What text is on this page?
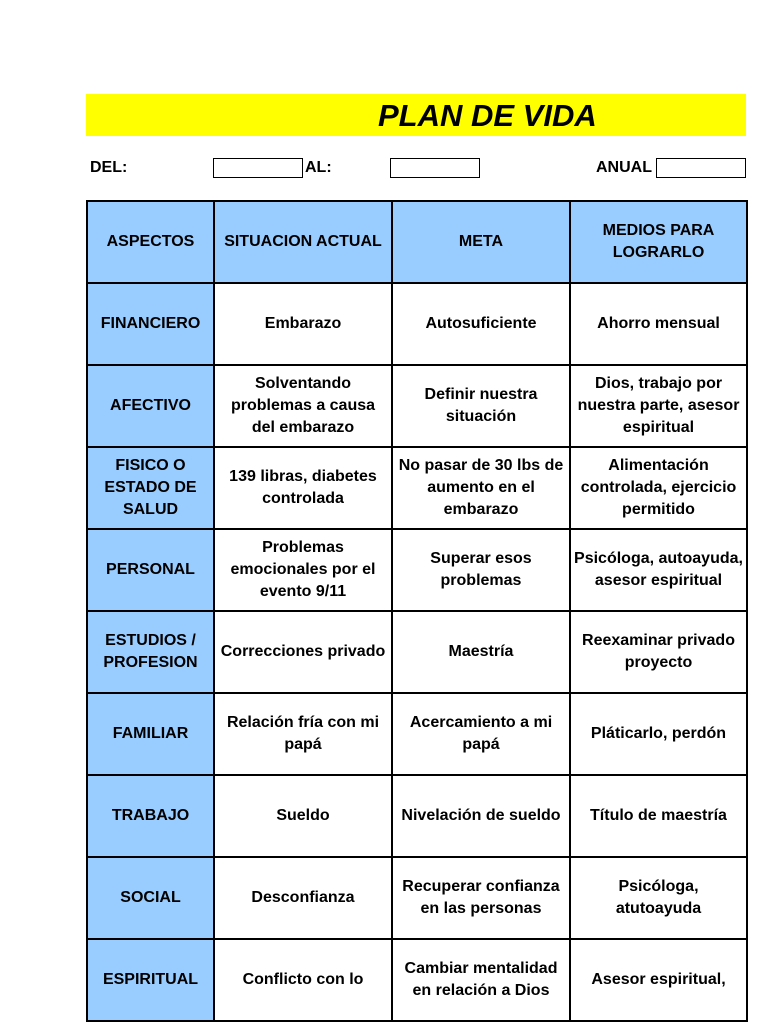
PLAN DE VIDA
DEL:	AL:	ANUAL
ASPECTOS	SITUACION ACTUAL	META	MEDIOS PARA LOGRARLO
FINANCIERO	Embarazo	Autosuficiente	Ahorro mensual
AFECTIVO	Solventando problemas a causa del embarazo	Definir nuestra situación	Dios, trabajo por nuestra parte, asesor espiritual
FISICO O ESTADO DE SALUD	139 libras, diabetes controlada	No pasar de 30 lbs de aumento en el embarazo	Alimentación controlada, ejercicio permitido
PERSONAL	Problemas emocionales por el evento 9/11	Superar esos problemas	Psicóloga, autoayuda, asesor espiritual
ESTUDIOS / PROFESION	Correcciones privado	Maestría	Reexaminar privado proyecto
FAMILIAR	Relación fría con mi papá	Acercamiento a mi papá	Pláticarlo, perdón
TRABAJO	Sueldo	Nivelación de sueldo	Título de maestría
SOCIAL	Desconfianza	Recuperar confianza en las personas	Psicóloga, atutoayuda
ESPIRITUAL	Conflicto con lo	Cambiar mentalidad en relación a Dios	Asesor espiritual,
